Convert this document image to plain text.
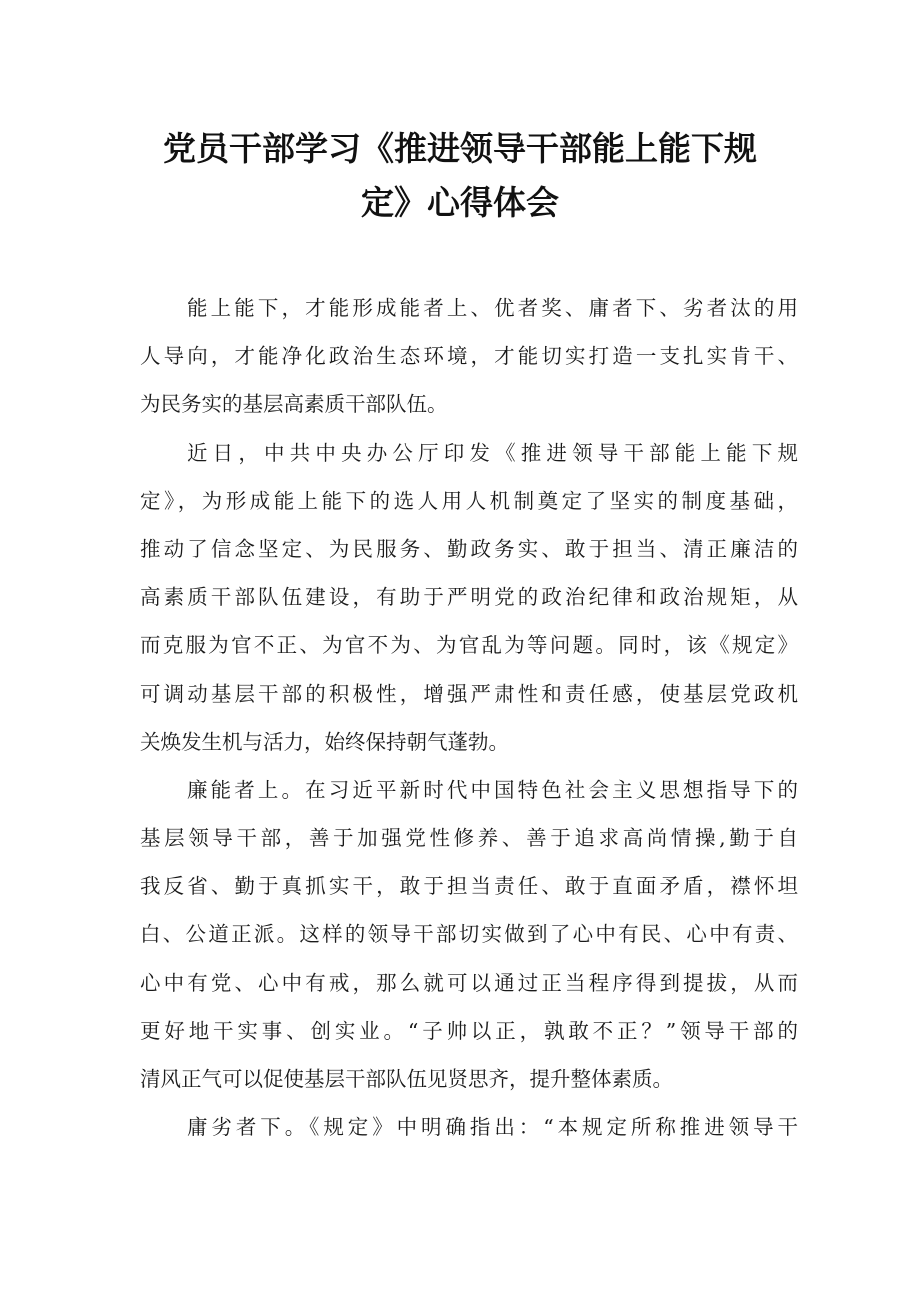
党员干部学习《推进领导干部能上能下规
定》心得体会
能上能下，才能形成能者上、优者奖、庸者下、劣者汰的用
人导向，才能净化政治生态环境，才能切实打造一支扎实肯干、
为民务实的基层高素质干部队伍。
近日，中共中央办公厅印发《推进领导干部能上能下规
定》，为形成能上能下的选人用人机制奠定了坚实的制度基础，
推动了信念坚定、为民服务、勤政务实、敢于担当、清正廉洁的
高素质干部队伍建设，有助于严明党的政治纪律和政治规矩，从
而克服为官不正、为官不为、为官乱为等问题。同时，该《规定》
可调动基层干部的积极性，增强严肃性和责任感，使基层党政机
关焕发生机与活力，始终保持朝气蓬勃。
廉能者上。在习近平新时代中国特色社会主义思想指导下的
基层领导干部，善于加强党性修养、善于追求高尚情操,勤于自
我反省、勤于真抓实干，敢于担当责任、敢于直面矛盾，襟怀坦
白、公道正派。这样的领导干部切实做到了心中有民、心中有责、
心中有党、心中有戒，那么就可以通过正当程序得到提拔，从而
更好地干实事、创实业。“子帅以正，孰敢不正？”领导干部的
清风正气可以促使基层干部队伍见贤思齐，提升整体素质。
庸劣者下。《规定》中明确指出：“本规定所称推进领导干
